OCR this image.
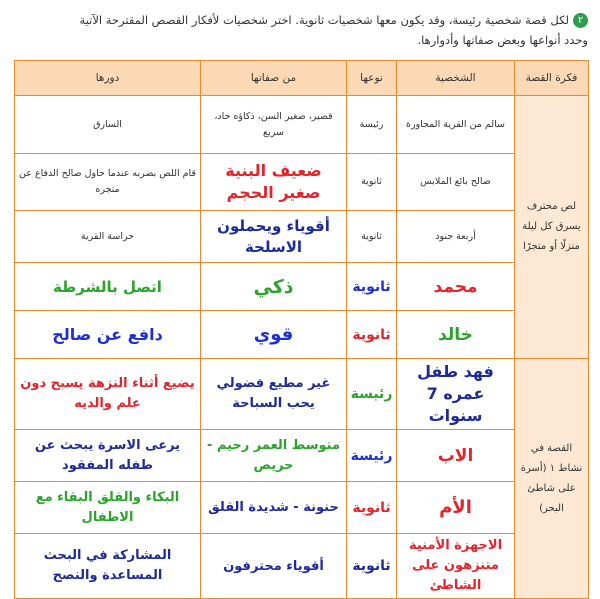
٢لكل قصة شخصية رئيسة، وقد يكون معها شخصيات ثانوية. اختر شخصيات لأفكار القصص المقترحة الآتية
وحدد أنواعها وبعض صفاتها وأدوارها.
فكرة القصة	الشخصية	نوعها	من صفاتها	دورها
لص محترف يسرق كل ليلة منزلًا أو متجرًا	سالم من القرية المجاورة	رئيسة	قصير، صغير السن، ذكاؤه حاد، سريع	السارق
	صالح بائع الملابس	ثانوية	ضعيف البنية صغير الحجم	قام اللص بضربه عندما حاول صالح الدفاع عن متجره
	أربعة جنود	ثانوية	أقوياء ويحملون الاسلحة	حراسة القرية
	محمد	ثانوية	ذكي	اتصل بالشرطة
	خالد	ثانوية	قوي	دافع عن صالح
القصة في نشاط ١ (أسرة على شاطئ البحر)	فهد طفل عمره 7 سنوات	رئيسة	غير مطيع فضولي يحب السباحة	يضيع أثناء النزهة يسبح دون علم والديه
	الاب	رئيسة	متوسط العمر رحيم - حريص	يرعى الاسرة يبحث عن طفله المفقود
	الأم	ثانوية	حنونة - شديدة القلق	البكاء والقلق البقاء مع الاطفال
	الاجهزة الأمنية متنزهون على الشاطئ	ثانوية	أقوياء محترفون	المشاركة في البحث المساعدة والنصح
